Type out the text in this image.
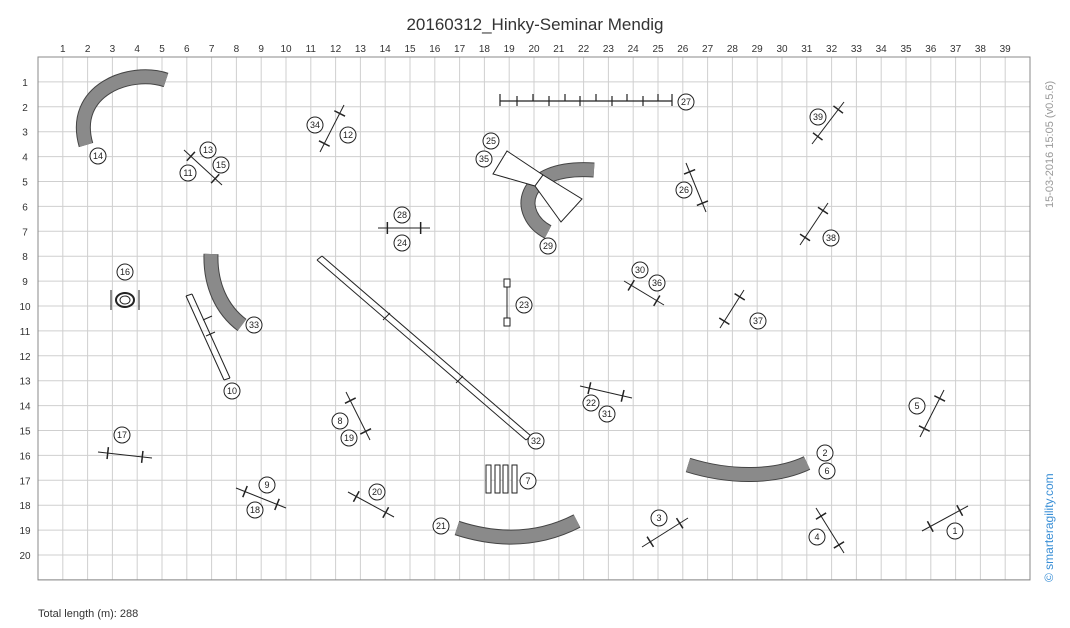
20160312_Hinky-Seminar Mendig
1 2 3 4 5 6 7 8 9 10 11 12 13 14 15 16 17 18 19 20 21 22 23 24 25 26 27 28 29 30 31 32 33 34 35 36 37 38 39
1
2
3
4
5
6
7
8
9
10
11
12
13
14
15
16
17
18
19
20
1
2
3
4
5
6
7
8
9
10
11
12
13
14
15
16
17
18
19
20
21
22
23
24
25
26
27
28
29
30
31
32
33
34
35
36
37
38
39
Total length (m): 288
15-03-2016 15:05 (v0.5.6)
© smarteragility.com
